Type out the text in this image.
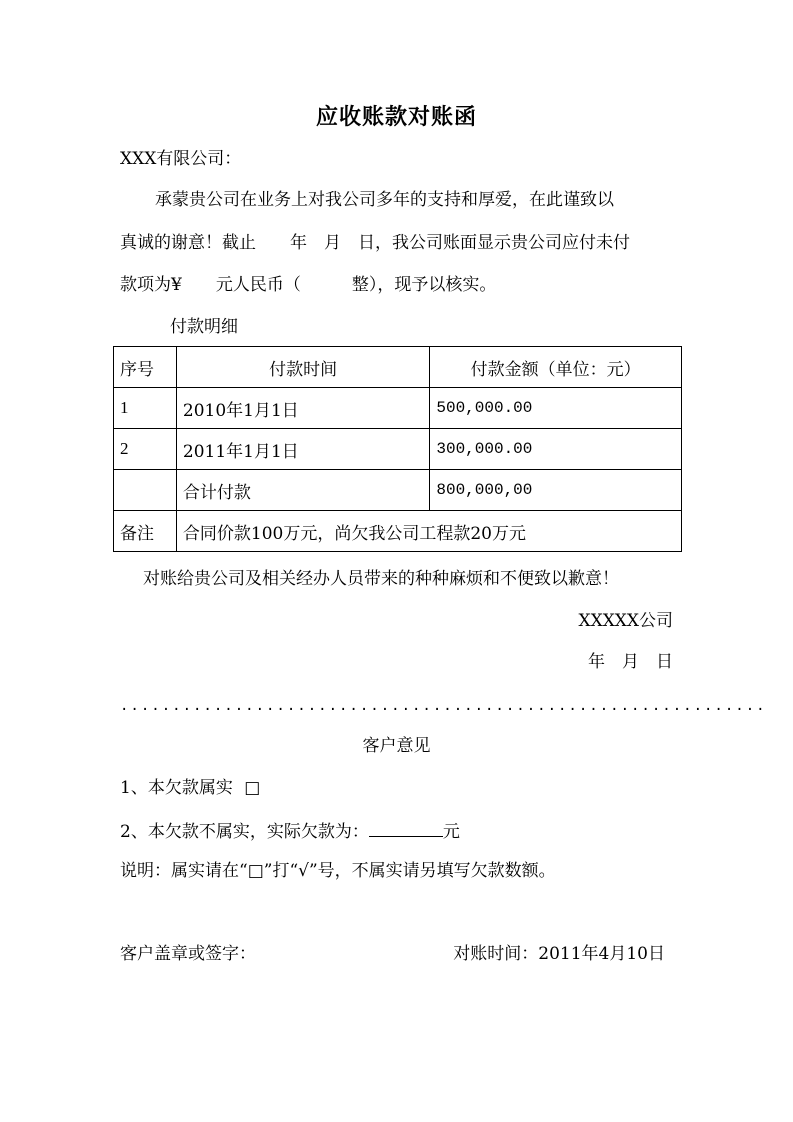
应收账款对账函
XXX有限公司：
承蒙贵公司在业务上对我公司多年的支持和厚爱，在此谨致以
真诚的谢意！截止　　年　月　日，我公司账面显示贵公司应付未付
款项为¥　　元人民币（　　　整），现予以核实。
付款明细
序号	付款时间	付款金额（单位：元）
1	2010年1月1日	500,000.00
2	2011年1月1日	300,000.00
	合计付款	800,000,00
备注	合同价款100万元，尚欠我公司工程款20万元	
对账给贵公司及相关经办人员带来的种种麻烦和不便致以歉意！
XXXXX公司
年　月　日
..............................................................
客户意见
1、本欠款属实 □
2、本欠款不属实，实际欠款为：	元
说明：属实请在“□”打“√”号，不属实请另填写欠款数额。
客户盖章或签字：	对账时间：2011年4月10日
